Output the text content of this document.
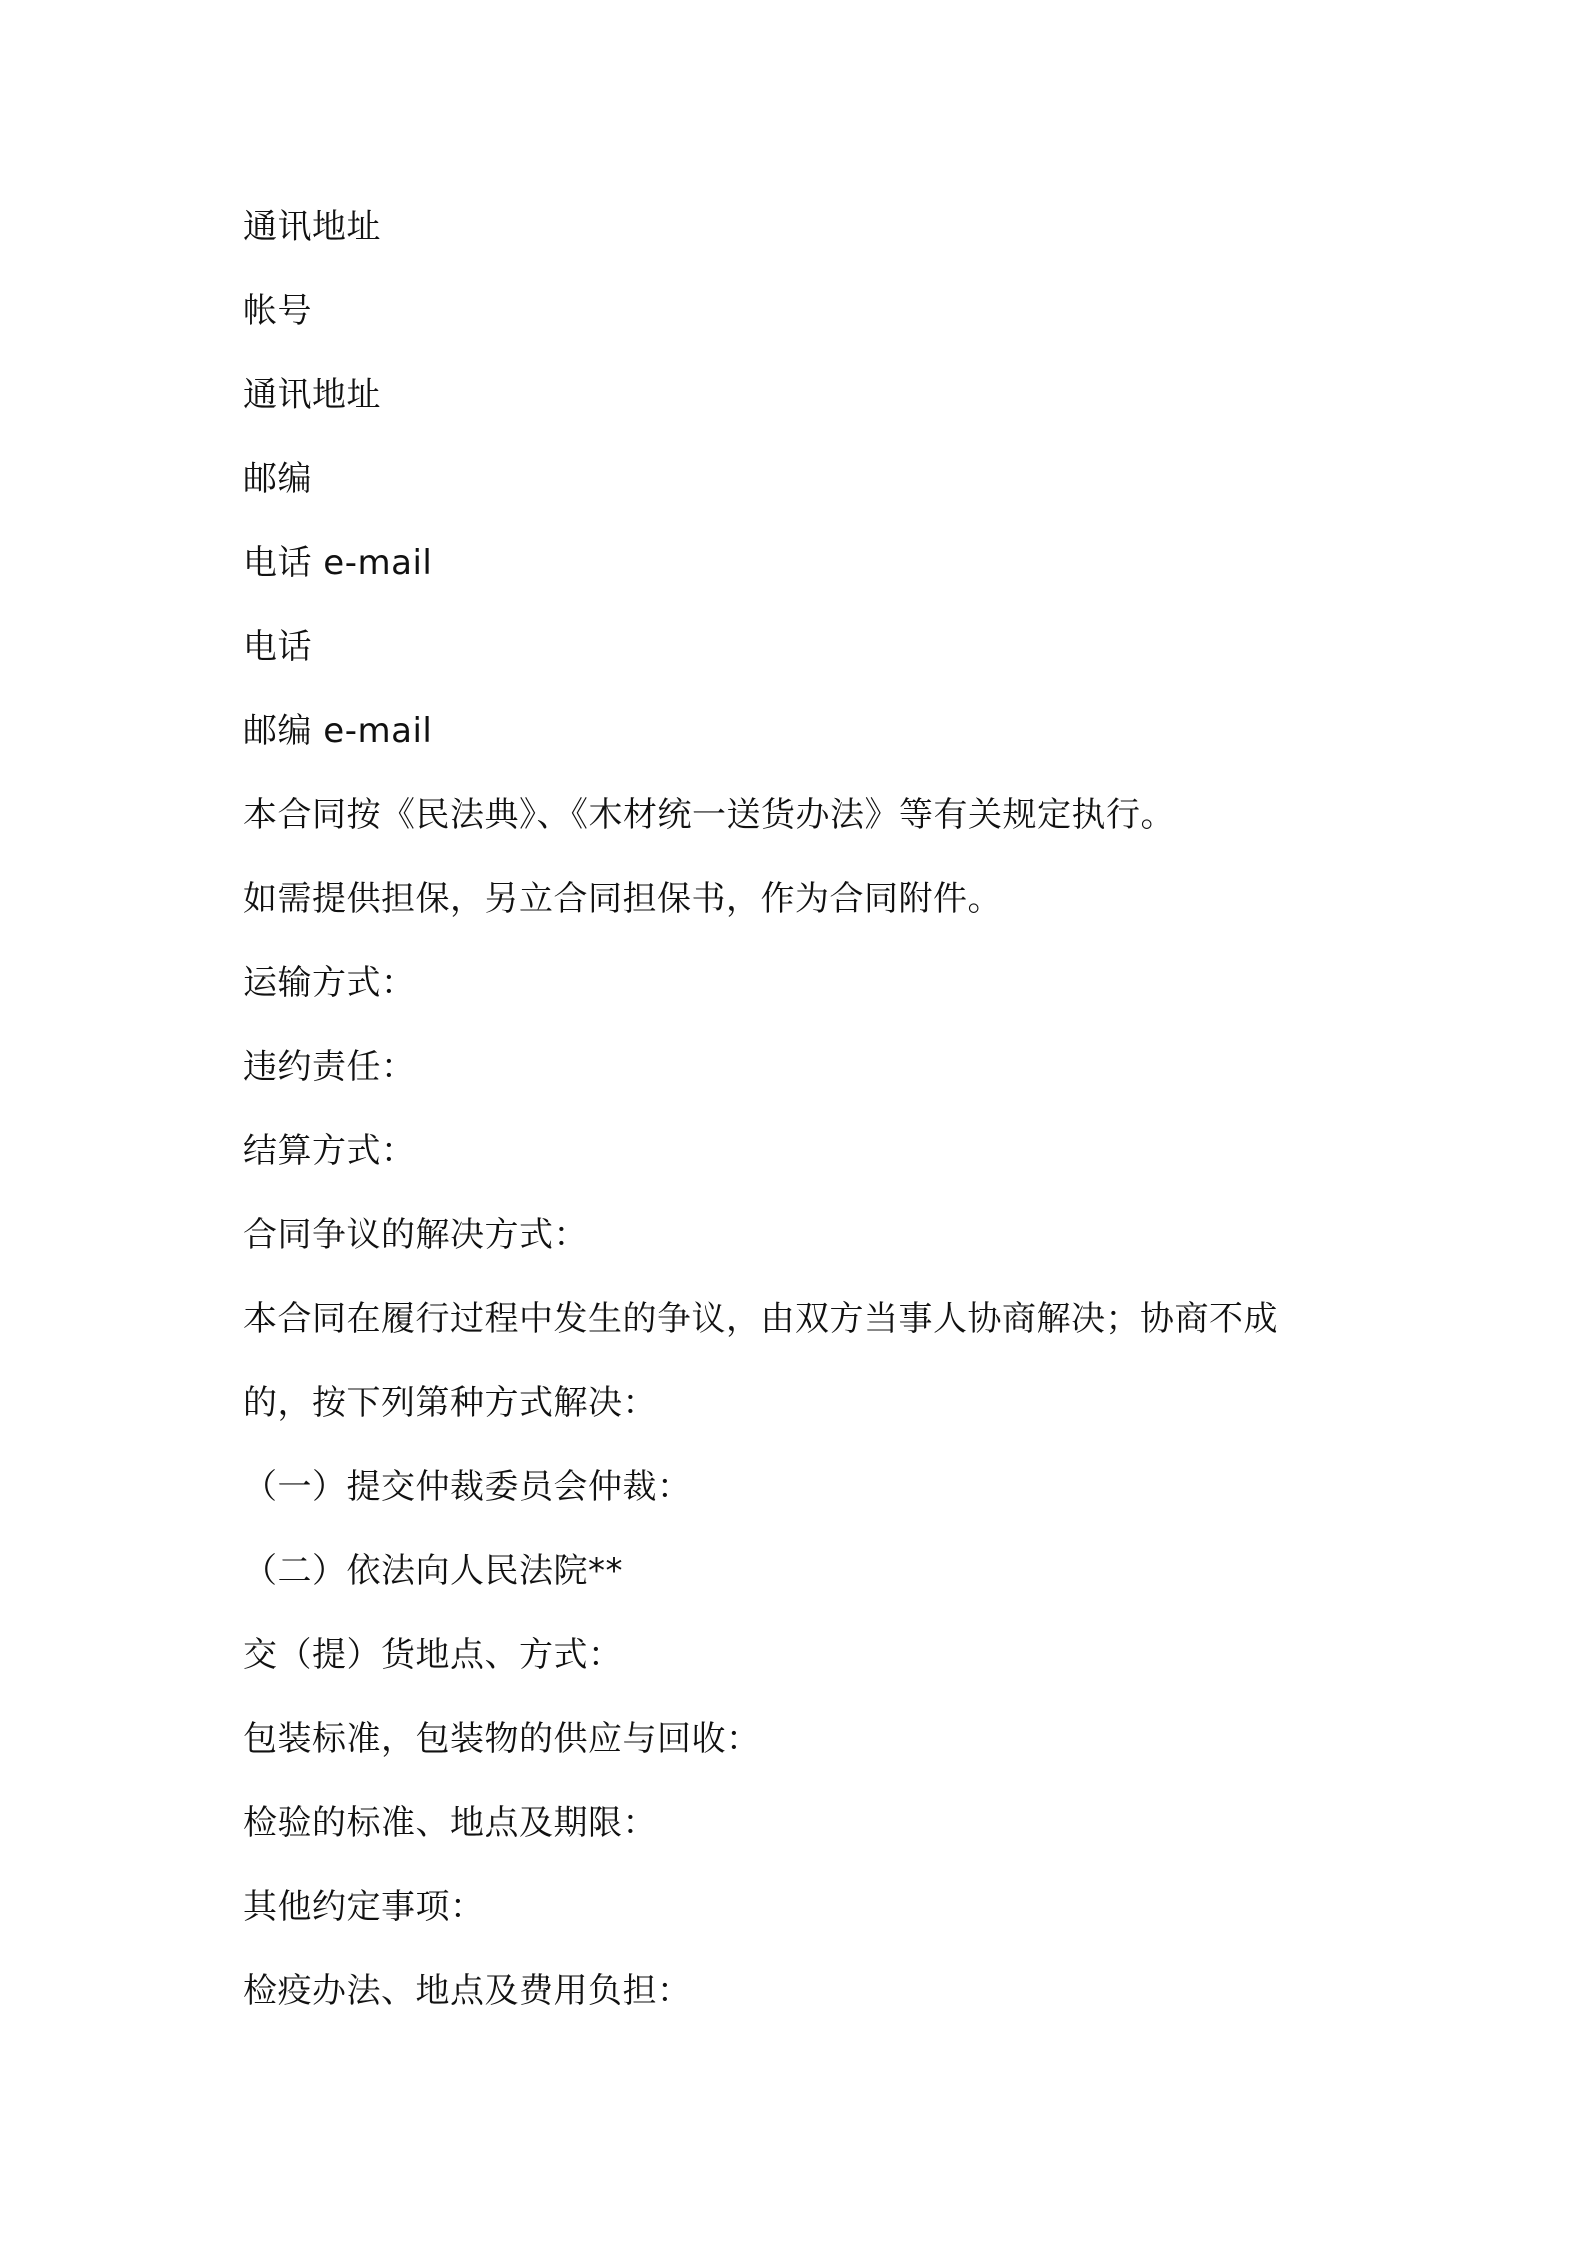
通讯地址
帐号
通讯地址
邮编
电话 e-mail
电话
邮编 e-mail
本合同按《民法典》、《木材统一送货办法》等有关规定执行。
如需提供担保，另立合同担保书，作为合同附件。
运输方式：
违约责任：
结算方式：
合同争议的解决方式：
本合同在履行过程中发生的争议，由双方当事人协商解决；协商不成
的，按下列第种方式解决：
（一）提交仲裁委员会仲裁：
（二）依法向人民法院**
交（提）货地点、方式：
包装标准，包装物的供应与回收：
检验的标准、地点及期限：
其他约定事项：
检疫办法、地点及费用负担：
